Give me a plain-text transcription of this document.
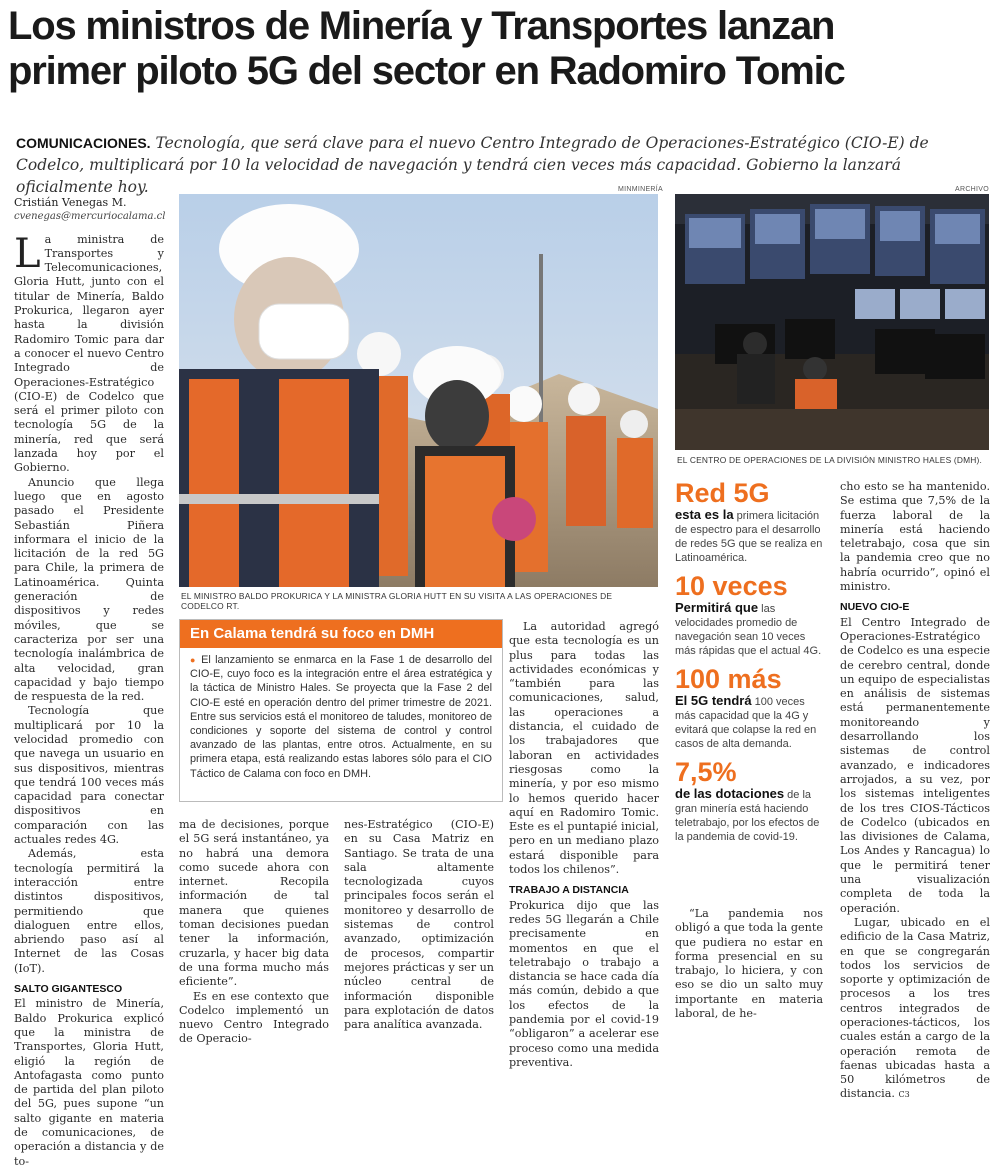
Los ministros de Minería y Transportes lanzan
primer piloto 5G del sector en Radomiro Tomic
COMUNICACIONES. Tecnología, que será clave para el nuevo Centro Integrado de Operaciones-Estratégico (CIO-E) de Codelco, multiplicará por 10 la velocidad de navegación y tendrá cien veces más capacidad. Gobierno la lanzará oficialmente hoy.
Cristián Venegas M.
cvenegas@mercuriocalama.cl

La ministra de Transportes y Telecomunicaciones, Gloria Hutt, junto con el titular de Minería, Baldo Prokurica, llegaron ayer hasta la división Radomiro Tomic para dar a conocer el nuevo Centro Integrado de Operaciones-Estratégico (CIO-E) de Codelco que será el primer piloto con tecnología 5G de la minería, red que será lanzada hoy por el Gobierno.

Anuncio que llega luego que en agosto pasado el Presidente Sebastián Piñera informara el inicio de la licitación de la red 5G para Chile, la primera de Latinoamérica. Quinta generación de dispositivos y redes móviles, que se caracteriza por ser una tecnología inalámbrica de alta velocidad, gran capacidad y bajo tiempo de respuesta de la red.

Tecnología que multiplicará por 10 la velocidad promedio con que navega un usuario en sus dispositivos, mientras que tendrá 100 veces más capacidad para conectar dispositivos en comparación con las actuales redes 4G.

Además, esta tecnología permitirá la interacción entre distintos dispositivos, permitiendo que dialoguen entre ellos, abriendo paso así al Internet de las Cosas (IoT).

SALTO GIGANTESCO

El ministro de Minería, Baldo Prokurica explicó que la ministra de Transportes, Gloria Hutt, eligió la región de Antofagasta como punto de partida del plan piloto del 5G, pues supone “un salto gigante en materia de comunicaciones, de operación a distancia y de to-

MINMINERÍA
EL MINISTRO BALDO PROKURICA Y LA MINISTRA GLORIA HUTT EN SU VISITA A LAS OPERACIONES DE CODELCO RT.
ARCHIVO
EL CENTRO DE OPERACIONES DE LA DIVISIÓN MINISTRO HALES (DMH).
En Calama tendrá su foco en DMH
● El lanzamiento se enmarca en la Fase 1 de desarrollo del CIO-E, cuyo foco es la integración entre el área estratégica y la táctica de Ministro Hales. Se proyecta que la Fase 2 del CIO-E esté en operación dentro del primer trimestre de 2021. Entre sus servicios está el monitoreo de taludes, monitoreo de condiciones y soporte del sistema de control y control avanzado de las plantas, entre otros. Actualmente, en su primera etapa, está realizando estas labores sólo para el CIO Táctico de Calama con foco en DMH.

ma de decisiones, porque el 5G será instantáneo, ya no habrá una demora como sucede ahora con internet. Recopila información de tal manera que quienes toman decisiones puedan tener la información, cruzarla, y hacer big data de una forma mucho más eficiente”.

Es en ese contexto que Codelco implementó un nuevo Centro Integrado de Operacio-

nes-Estratégico (CIO-E) en su Casa Matriz en Santiago. Se trata de una sala altamente tecnologizada cuyos principales focos serán el monitoreo y desarrollo de sistemas de control avanzado, optimización de procesos, compartir mejores prácticas y ser un núcleo central de información disponible para explotación de datos para analítica avanzada.

La autoridad agregó que esta tecnología es un plus para todas las actividades económicas y “también para las comunicaciones, salud, las operaciones a distancia, el cuidado de los trabajadores que laboran en actividades riesgosas como la minería, y por eso mismo lo hemos querido hacer aquí en Radomiro Tomic. Este es el puntapié inicial, pero en un mediano plazo estará disponible para todos los chilenos”.

TRABAJO A DISTANCIA

Prokurica dijo que las redes 5G llegarán a Chile precisamente en momentos en que el teletrabajo o trabajo a distancia se hace cada día más común, debido a que los efectos de la pandemia por el covid-19 “obligaron” a acelerar ese proceso como una medida preventiva.

Red 5G
esta es la primera licitación de espectro para el desarrollo de redes 5G que se realiza en Latinoamérica.
10 veces
Permitirá que las velocidades promedio de navegación sean 10 veces más rápidas que el actual 4G.
100 más
El 5G tendrá 100 veces más capacidad que la 4G y evitará que colapse la red en casos de alta demanda.
7,5%
de las dotaciones de la gran minería está haciendo teletrabajo, por los efectos de la pandemia de covid-19.

“La pandemia nos obligó a que toda la gente que pudiera no estar en forma presencial en su trabajo, lo hiciera, y con eso se dio un salto muy importante en materia laboral, de he-

cho esto se ha mantenido. Se estima que 7,5% de la fuerza laboral de la minería está haciendo teletrabajo, cosa que sin la pandemia creo que no habría ocurrido”, opinó el ministro.

NUEVO CIO-E

El Centro Integrado de Operaciones-Estratégico de Codelco es una especie de cerebro central, donde un equipo de especialistas en análisis de sistemas está permanentemente monitoreando y desarrollando los sistemas de control avanzado, e indicadores arrojados, a su vez, por los sistemas inteligentes de los tres CIOS-Tácticos de Codelco (ubicados en las divisiones de Calama, Los Andes y Rancagua) lo que le permitirá tener una visualización completa de toda la operación.

Lugar, ubicado en el edificio de la Casa Matriz, en que se congregarán todos los servicios de soporte y optimización de procesos a los tres centros integrados de operaciones-tácticos, los cuales están a cargo de la operación remota de faenas ubicadas hasta a 50 kilómetros de distancia. C3
